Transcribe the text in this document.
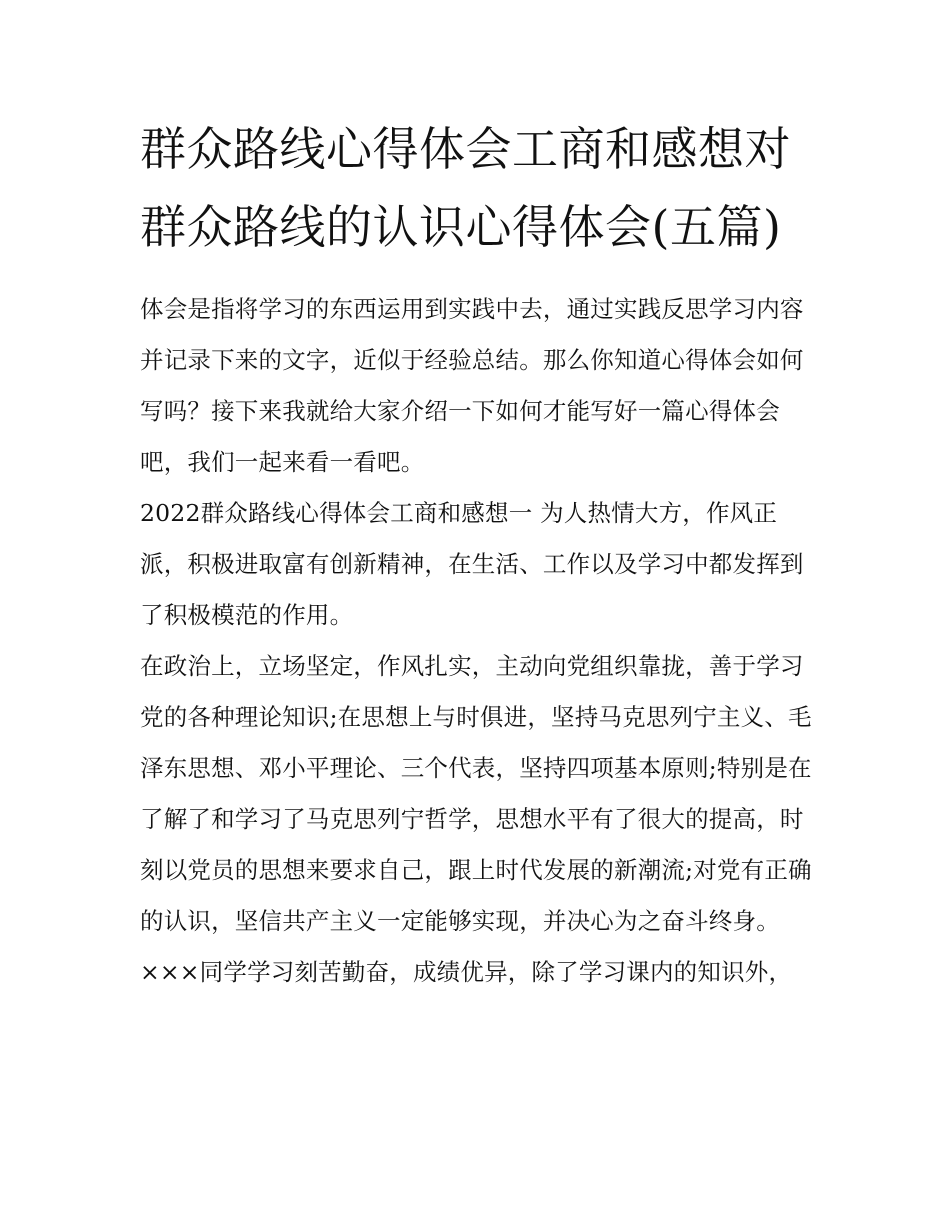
群众路线心得体会工商和感想对群众路线的认识心得体会(五篇)

体会是指将学习的东西运用到实践中去，通过实践反思学习内容并记录下来的文字，近似于经验总结。那么你知道心得体会如何写吗？接下来我就给大家介绍一下如何才能写好一篇心得体会吧，我们一起来看一看吧。

2022群众路线心得体会工商和感想一 为人热情大方，作风正派，积极进取富有创新精神，在生活、工作以及学习中都发挥到了积极模范的作用。

在政治上，立场坚定，作风扎实，主动向党组织靠拢，善于学习党的各种理论知识;在思想上与时俱进，坚持马克思列宁主义、毛泽东思想、邓小平理论、三个代表，坚持四项基本原则;特别是在了解了和学习了马克思列宁哲学，思想水平有了很大的提高，时刻以党员的思想来要求自己，跟上时代发展的新潮流;对党有正确的认识，坚信共产主义一定能够实现，并决心为之奋斗终身。

×××同学学习刻苦勤奋，成绩优异，除了学习课内的知识外，
